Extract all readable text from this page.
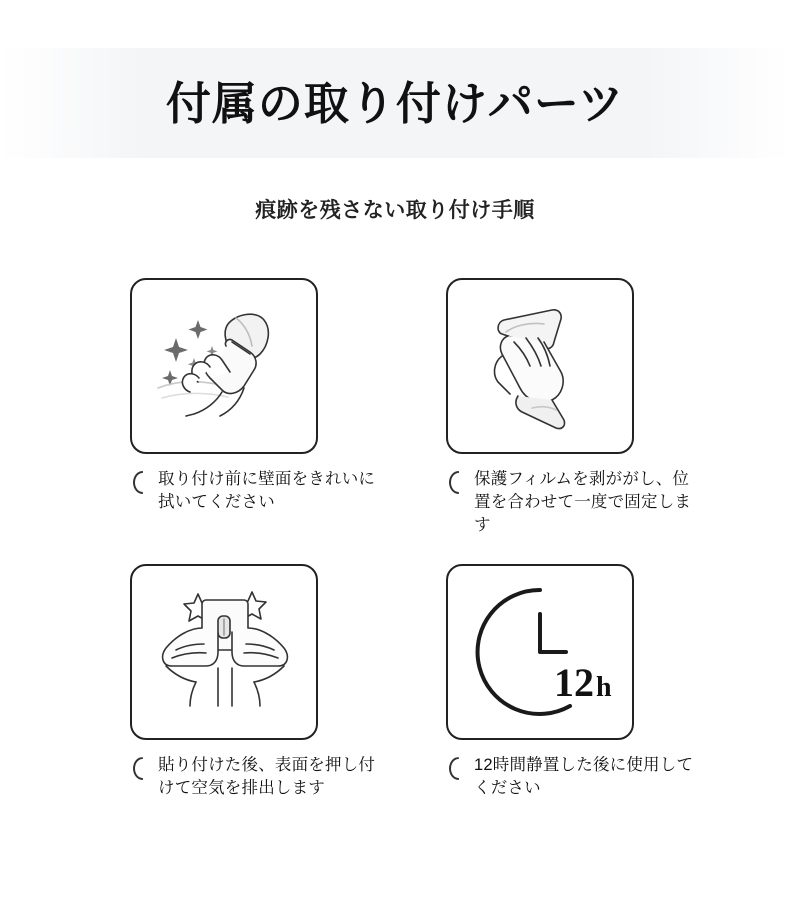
付属の取り付けパーツ
痕跡を残さない取り付け手順
取り付け前に壁面をきれいに拭いてください
保護フィルムを剥ががし、位置を合わせて一度で固定します
貼り付けた後、表面を押し付けて空気を排出します
12 h
12時間静置した後に使用してください
